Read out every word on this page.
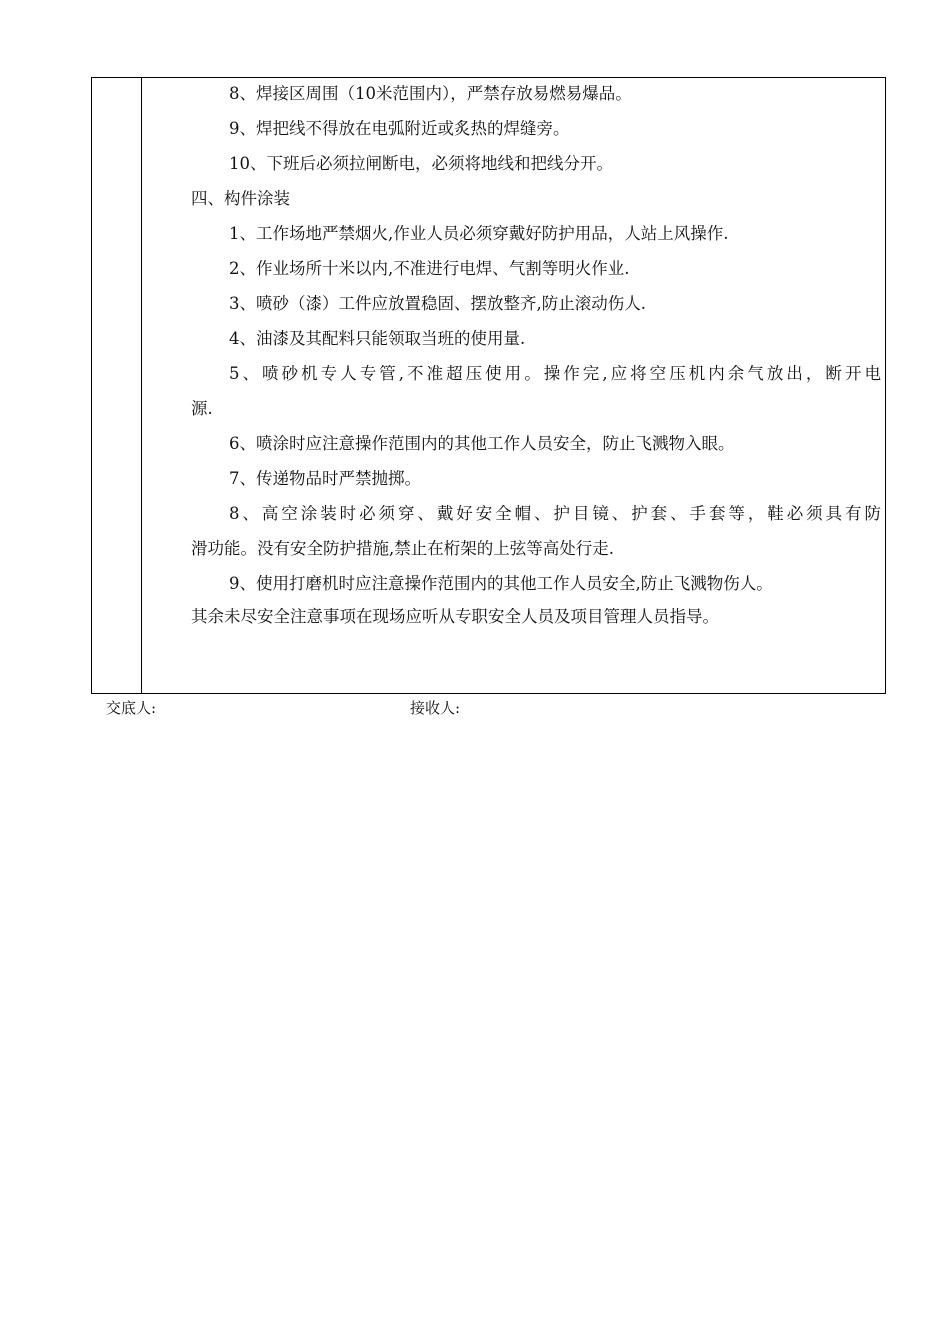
8、焊接区周围（10米范围内），严禁存放易燃易爆品。
9、焊把线不得放在电弧附近或炙热的焊缝旁。
10、下班后必须拉闸断电，必须将地线和把线分开。
四、构件涂装
1、工作场地严禁烟火,作业人员必须穿戴好防护用品，人站上风操作.
2、作业场所十米以内,不准进行电焊、气割等明火作业.
3、喷砂（漆）工件应放置稳固、摆放整齐,防止滚动伤人.
4、油漆及其配料只能领取当班的使用量.
5、喷砂机专人专管,不准超压使用。操作完,应将空压机内余气放出，断开电
源.
6、喷涂时应注意操作范围内的其他工作人员安全，防止飞溅物入眼。
7、传递物品时严禁抛掷。
8、高空涂装时必须穿、戴好安全帽、护目镜、护套、手套等，鞋必须具有防
滑功能。没有安全防护措施,禁止在桁架的上弦等高处行走.
9、使用打磨机时应注意操作范围内的其他工作人员安全,防止飞溅物伤人。
其余未尽安全注意事项在现场应听从专职安全人员及项目管理人员指导。
交底人:	接收人:
